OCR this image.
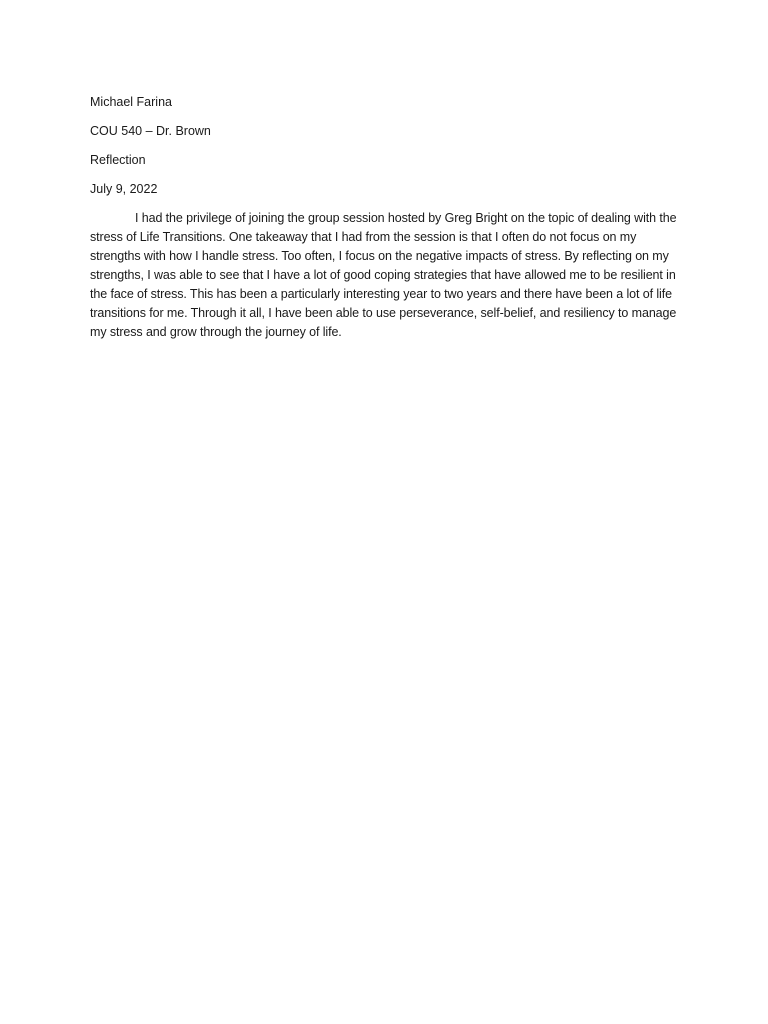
Michael Farina

COU 540 – Dr. Brown

Reflection

July 9, 2022

I had the privilege of joining the group session hosted by Greg Bright on the topic of dealing with the stress of Life Transitions. One takeaway that I had from the session is that I often do not focus on my strengths with how I handle stress. Too often, I focus on the negative impacts of stress. By reflecting on my strengths, I was able to see that I have a lot of good coping strategies that have allowed me to be resilient in the face of stress. This has been a particularly interesting year to two years and there have been a lot of life transitions for me. Through it all, I have been able to use perseverance, self-belief, and resiliency to manage my stress and grow through the journey of life.
